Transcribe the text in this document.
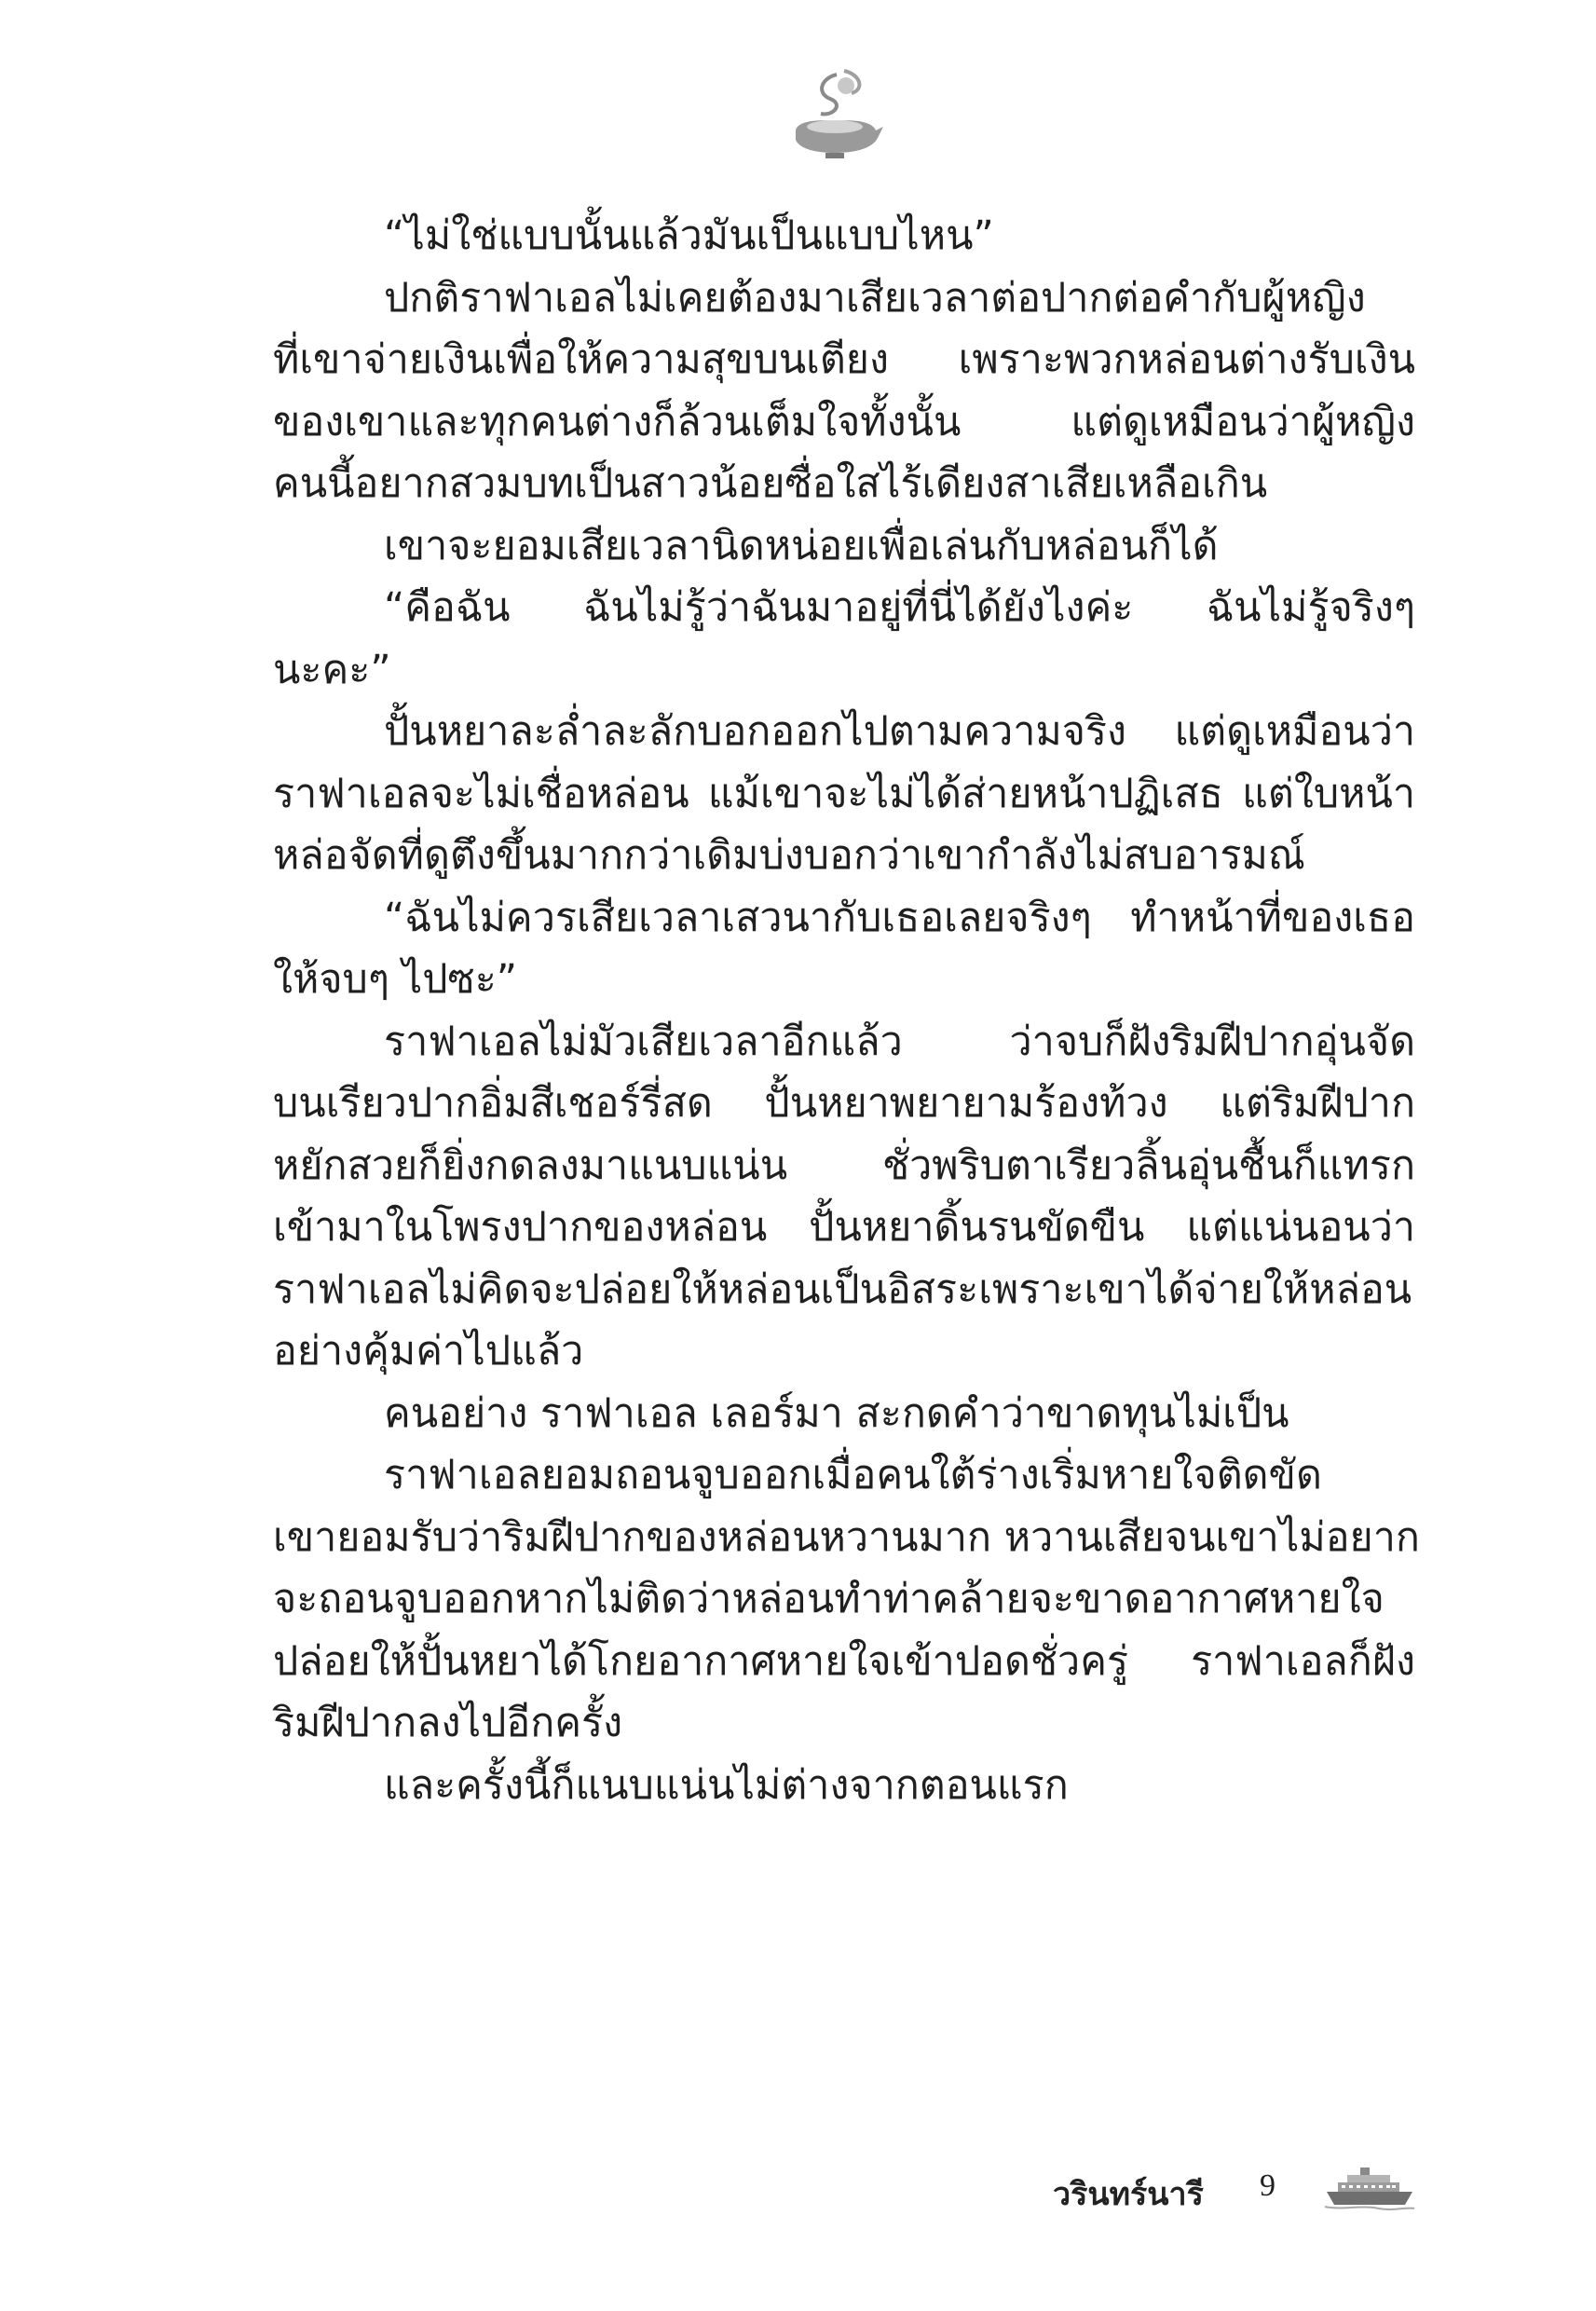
“ไม่ใช่แบบนั้นแล้วมันเป็นแบบไหน”
ปกติราฟาเอลไม่เคยต้องมาเสียเวลาต่อปากต่อคำกับผู้หญิง
ที่เขาจ่ายเงินเพื่อให้ความสุขบนเตียง เพราะพวกหล่อนต่างรับเงิน
ของเขาและทุกคนต่างก็ล้วนเต็มใจทั้งนั้น แต่ดูเหมือนว่าผู้หญิง
คนนี้อยากสวมบทเป็นสาวน้อยซื่อใสไร้เดียงสาเสียเหลือเกิน
เขาจะยอมเสียเวลานิดหน่อยเพื่อเล่นกับหล่อนก็ได้
“คือฉัน ฉันไม่รู้ว่าฉันมาอยู่ที่นี่ได้ยังไงค่ะ ฉันไม่รู้จริงๆ
นะคะ”
ปั้นหยาละล่ำละลักบอกออกไปตามความจริง แต่ดูเหมือนว่า
ราฟาเอลจะไม่เชื่อหล่อน แม้เขาจะไม่ได้ส่ายหน้าปฏิเสธ แต่ใบหน้า
หล่อจัดที่ดูตึงขึ้นมากกว่าเดิมบ่งบอกว่าเขากำลังไม่สบอารมณ์
“ฉันไม่ควรเสียเวลาเสวนากับเธอเลยจริงๆ ทำหน้าที่ของเธอ
ให้จบๆ ไปซะ”
ราฟาเอลไม่มัวเสียเวลาอีกแล้ว ว่าจบก็ฝังริมฝีปากอุ่นจัด
บนเรียวปากอิ่มสีเชอร์รี่สด ปั้นหยาพยายามร้องท้วง แต่ริมฝีปาก
หยักสวยก็ยิ่งกดลงมาแนบแน่น ชั่วพริบตาเรียวลิ้นอุ่นชื้นก็แทรก
เข้ามาในโพรงปากของหล่อน ปั้นหยาดิ้นรนขัดขืน แต่แน่นอนว่า
ราฟาเอลไม่คิดจะปล่อยให้หล่อนเป็นอิสระเพราะเขาได้จ่ายให้หล่อน
อย่างคุ้มค่าไปแล้ว
คนอย่าง ราฟาเอล เลอร์มา สะกดคำว่าขาดทุนไม่เป็น
ราฟาเอลยอมถอนจูบออกเมื่อคนใต้ร่างเริ่มหายใจติดขัด
เขายอมรับว่าริมฝีปากของหล่อนหวานมาก หวานเสียจนเขาไม่อยาก
จะถอนจูบออกหากไม่ติดว่าหล่อนทำท่าคล้ายจะขาดอากาศหายใจ
ปล่อยให้ปั้นหยาได้โกยอากาศหายใจเข้าปอดชั่วครู่ ราฟาเอลก็ฝัง
ริมฝีปากลงไปอีกครั้ง
และครั้งนี้ก็แนบแน่นไม่ต่างจากตอนแรก
วรินทร์นารี 9
